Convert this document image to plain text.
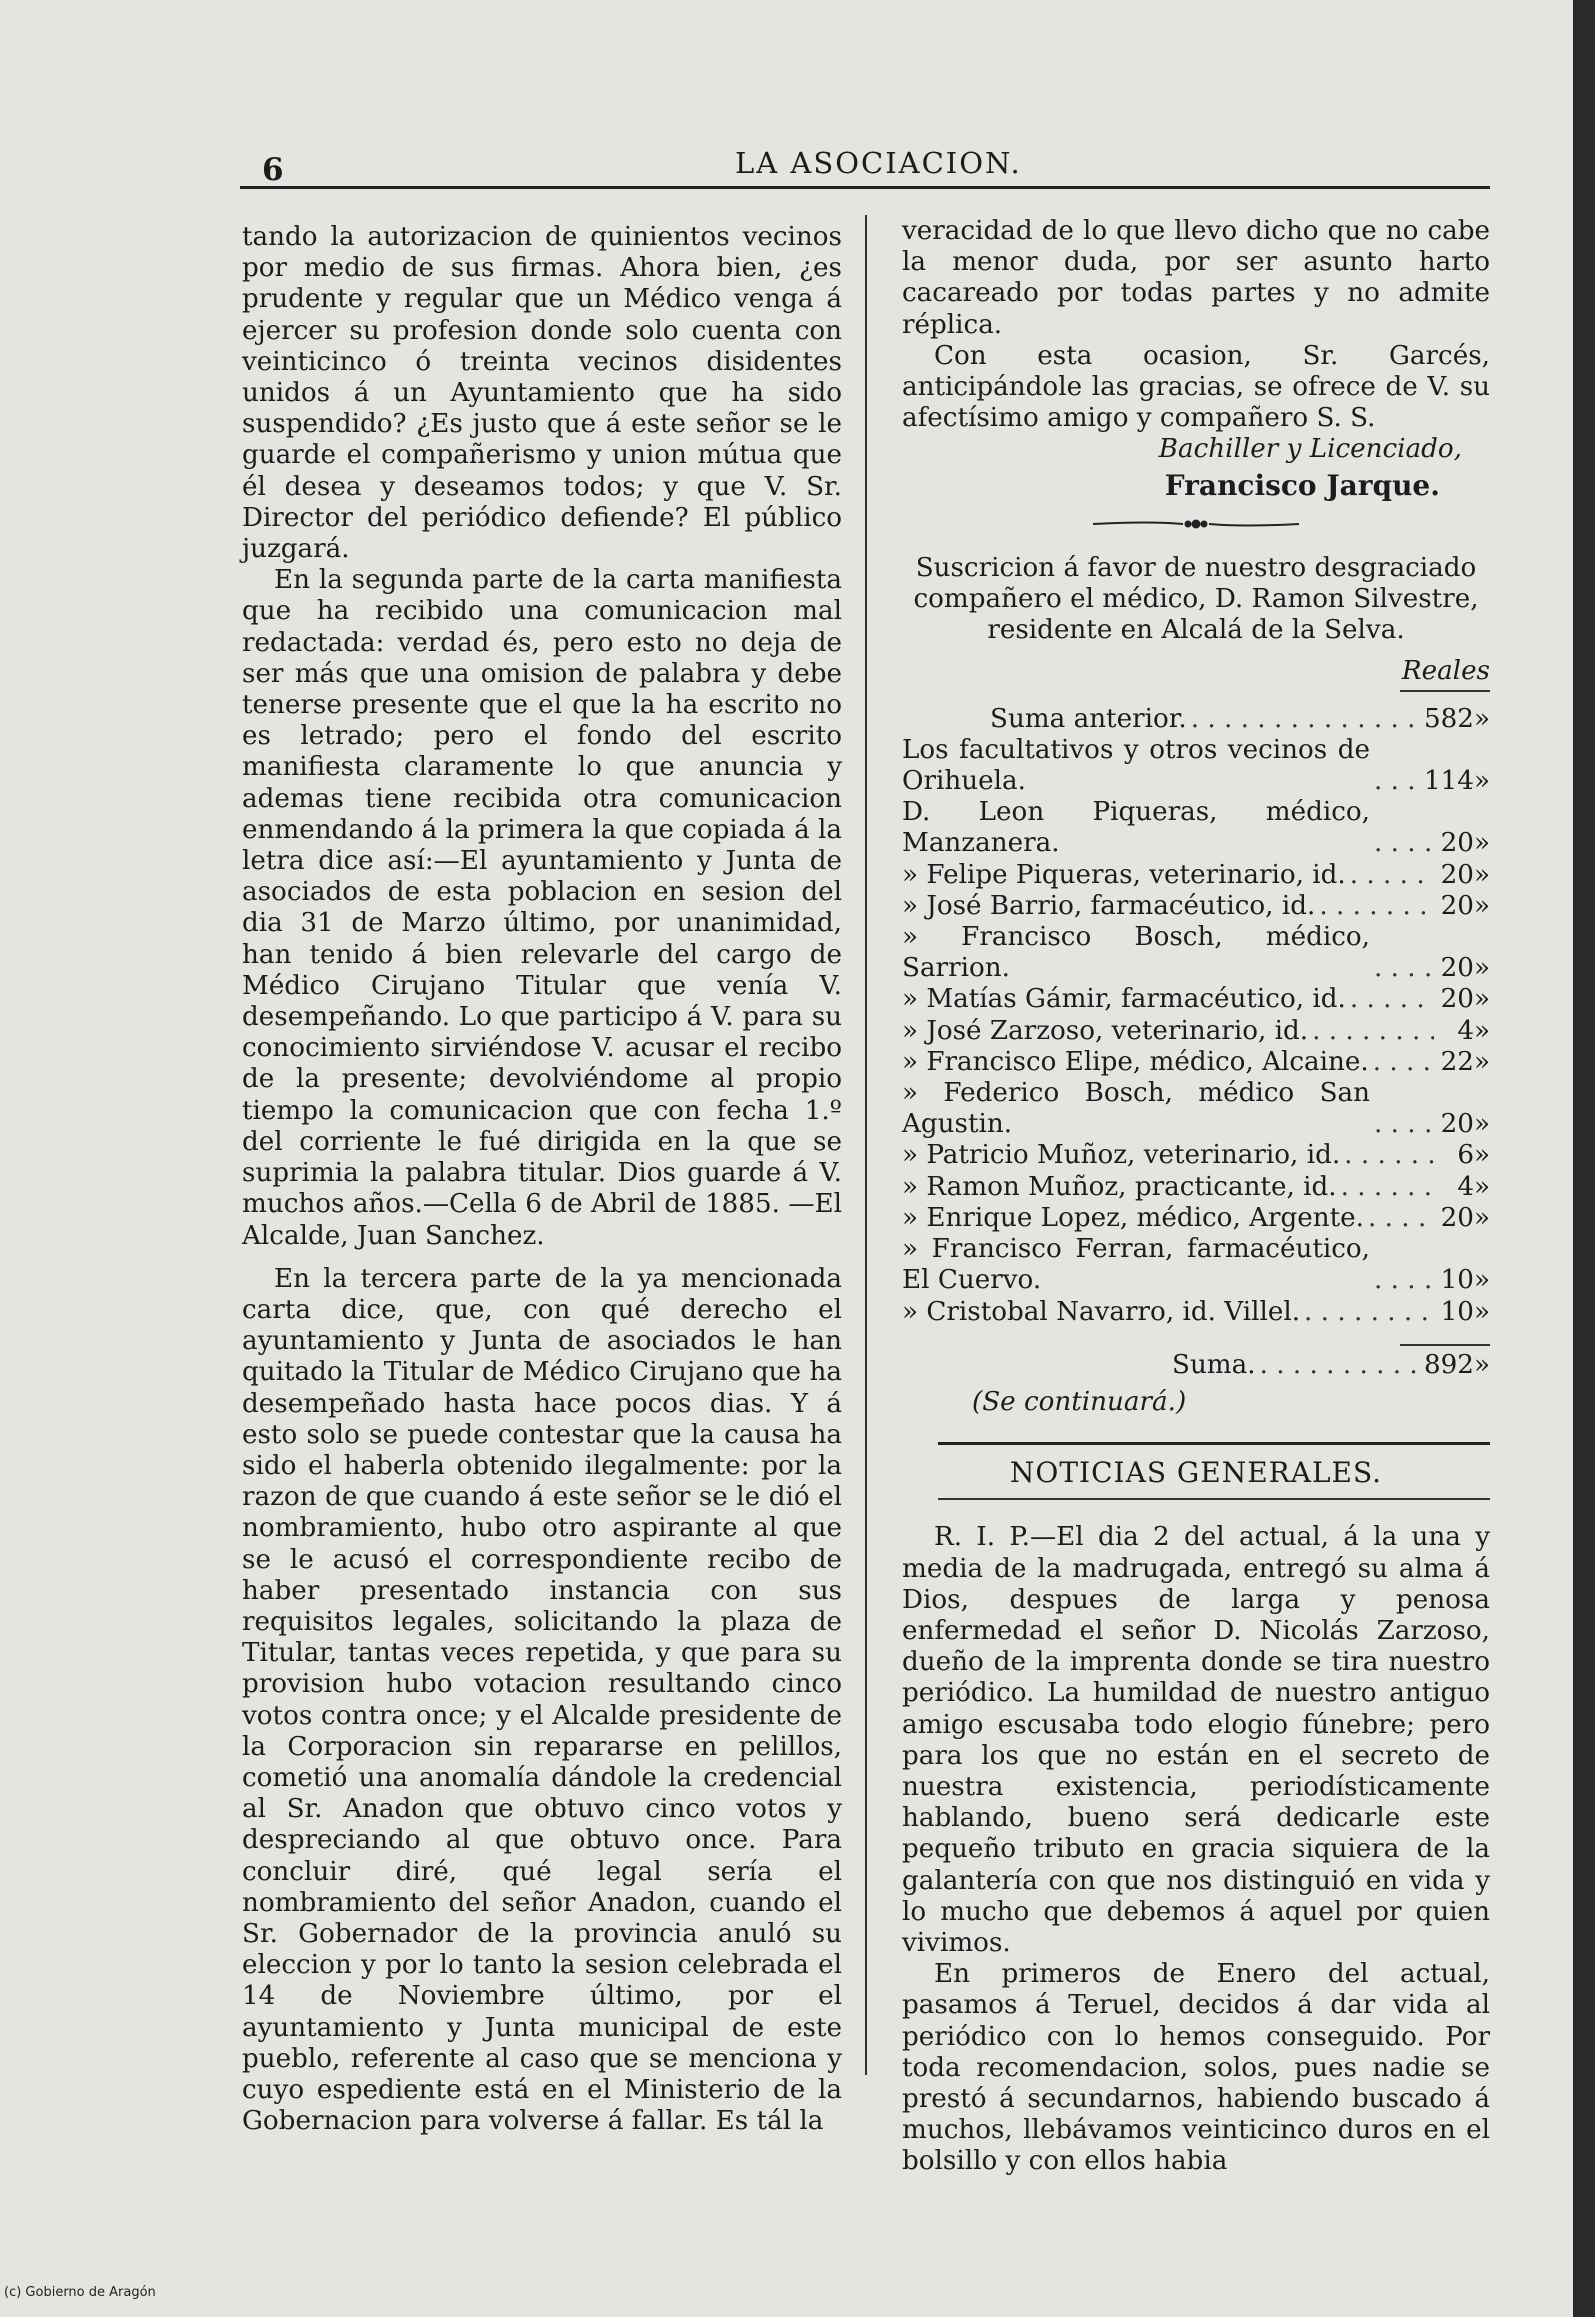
6	LA ASOCIACION.

tando la autorizacion de quinientos vecinos por medio de sus firmas. Ahora bien, ¿es prudente y regular que un Médico venga á ejercer su profesion donde solo cuenta con veinticinco ó treinta vecinos disidentes unidos á un Ayuntamiento que ha sido suspendido? ¿Es justo que á este señor se le guarde el compañerismo y union mútua que él desea y deseamos todos; y que V. Sr. Director del periódico defiende? El público juzgará.

En la segunda parte de la carta manifiesta que ha recibido una comunicacion mal redactada: verdad és, pero esto no deja de ser más que una omision de palabra y debe tenerse presente que el que la ha escrito no es letrado; pero el fondo del escrito manifiesta claramente lo que anuncia y ademas tiene recibida otra comunicacion enmendando á la primera la que copiada á la letra dice así:—El ayuntamiento y Junta de asociados de esta poblacion en sesion del dia 31 de Marzo último, por unanimidad, han tenido á bien relevarle del cargo de Médico Cirujano Titular que venía V. desempeñando. Lo que participo á V. para su conocimiento sirviéndose V. acusar el recibo de la presente; devolviéndome al propio tiempo la comunicacion que con fecha 1.º del corriente le fué dirigida en la que se suprimia la palabra titular. Dios guarde á V. muchos años.—Cella 6 de Abril de 1885. —El Alcalde, Juan Sanchez.

En la tercera parte de la ya mencionada carta dice, que, con qué derecho el ayuntamiento y Junta de asociados le han quitado la Titular de Médico Cirujano que ha desempeñado hasta hace pocos dias. Y á esto solo se puede contestar que la causa ha sido el haberla obtenido ilegalmente: por la razon de que cuando á este señor se le dió el nombramiento, hubo otro aspirante al que se le acusó el correspondiente recibo de haber presentado instancia con sus requisitos legales, solicitando la plaza de Titular, tantas veces repetida, y que para su provision hubo votacion resultando cinco votos contra once; y el Alcalde presidente de la Corporacion sin repararse en pelillos, cometió una anomalía dándole la credencial al Sr. Anadon que obtuvo cinco votos y despreciando al que obtuvo once. Para concluir diré, qué legal sería el nombramiento del señor Anadon, cuando el Sr. Gobernador de la provincia anuló su eleccion y por lo tanto la sesion celebrada el 14 de Noviembre último, por el ayuntamiento y Junta municipal de este pueblo, referente al caso que se menciona y cuyo espediente está en el Ministerio de la Gobernacion para volverse á fallar. Es tál la

veracidad de lo que llevo dicho que no cabe la menor duda, por ser asunto harto cacareado por todas partes y no admite réplica.

Con esta ocasion, Sr. Garcés, anticipándole las gracias, se ofrece de V. su afectísimo amigo y compañero S. S.

Bachiller y Licenciado,
Francisco Jarque.
Suscricion á favor de nuestro desgraciado compañero el médico, D. Ramon Silvestre, residente en Alcalá de la Selva.
Reales
Suma anterior. . . .	582»
Los facultativos y otros vecinos de Orihuela. . . .	114»
D. Leon Piqueras, médico, Manzanera. . . .	20»
» Felipe Piqueras, veterinario, id. . . .	20»
» José Barrio, farmacéutico, id. . . .	20»
» Francisco Bosch, médico, Sarrion. . . .	20»
» Matías Gámir, farmacéutico, id. . . .	20»
» José Zarzoso, veterinario, id. . . .	4»
» Francisco Elipe, médico, Alcaine. . . .	22»
» Federico Bosch, médico San Agustin. . . .	20»
» Patricio Muñoz, veterinario, id. . . .	6»
» Ramon Muñoz, practicante, id. . . .	4»
» Enrique Lopez, médico, Argente. . . .	20»
» Francisco Ferran, farmacéutico, El Cuervo. . . .	10»
» Cristobal Navarro, id. Villel. . . .	10»
Suma. . . .	892»
(Se continuará.)
NOTICIAS GENERALES.

R. I. P.—El dia 2 del actual, á la una y media de la madrugada, entregó su alma á Dios, despues de larga y penosa enfermedad el señor D. Nicolás Zarzoso, dueño de la imprenta donde se tira nuestro periódico. La humildad de nuestro antiguo amigo escusaba todo elogio fúnebre; pero para los que no están en el secreto de nuestra existencia, periodísticamente hablando, bueno será dedicarle este pequeño tributo en gracia siquiera de la galantería con que nos distinguió en vida y lo mucho que debemos á aquel por quien vivimos.

En primeros de Enero del actual, pasamos á Teruel, decidos á dar vida al periódico con lo hemos conseguido. Por toda recomendacion, solos, pues nadie se prestó á secundarnos, habiendo buscado á muchos, llebávamos veinticinco duros en el bolsillo y con ellos habia

(c) Gobierno de Aragón
